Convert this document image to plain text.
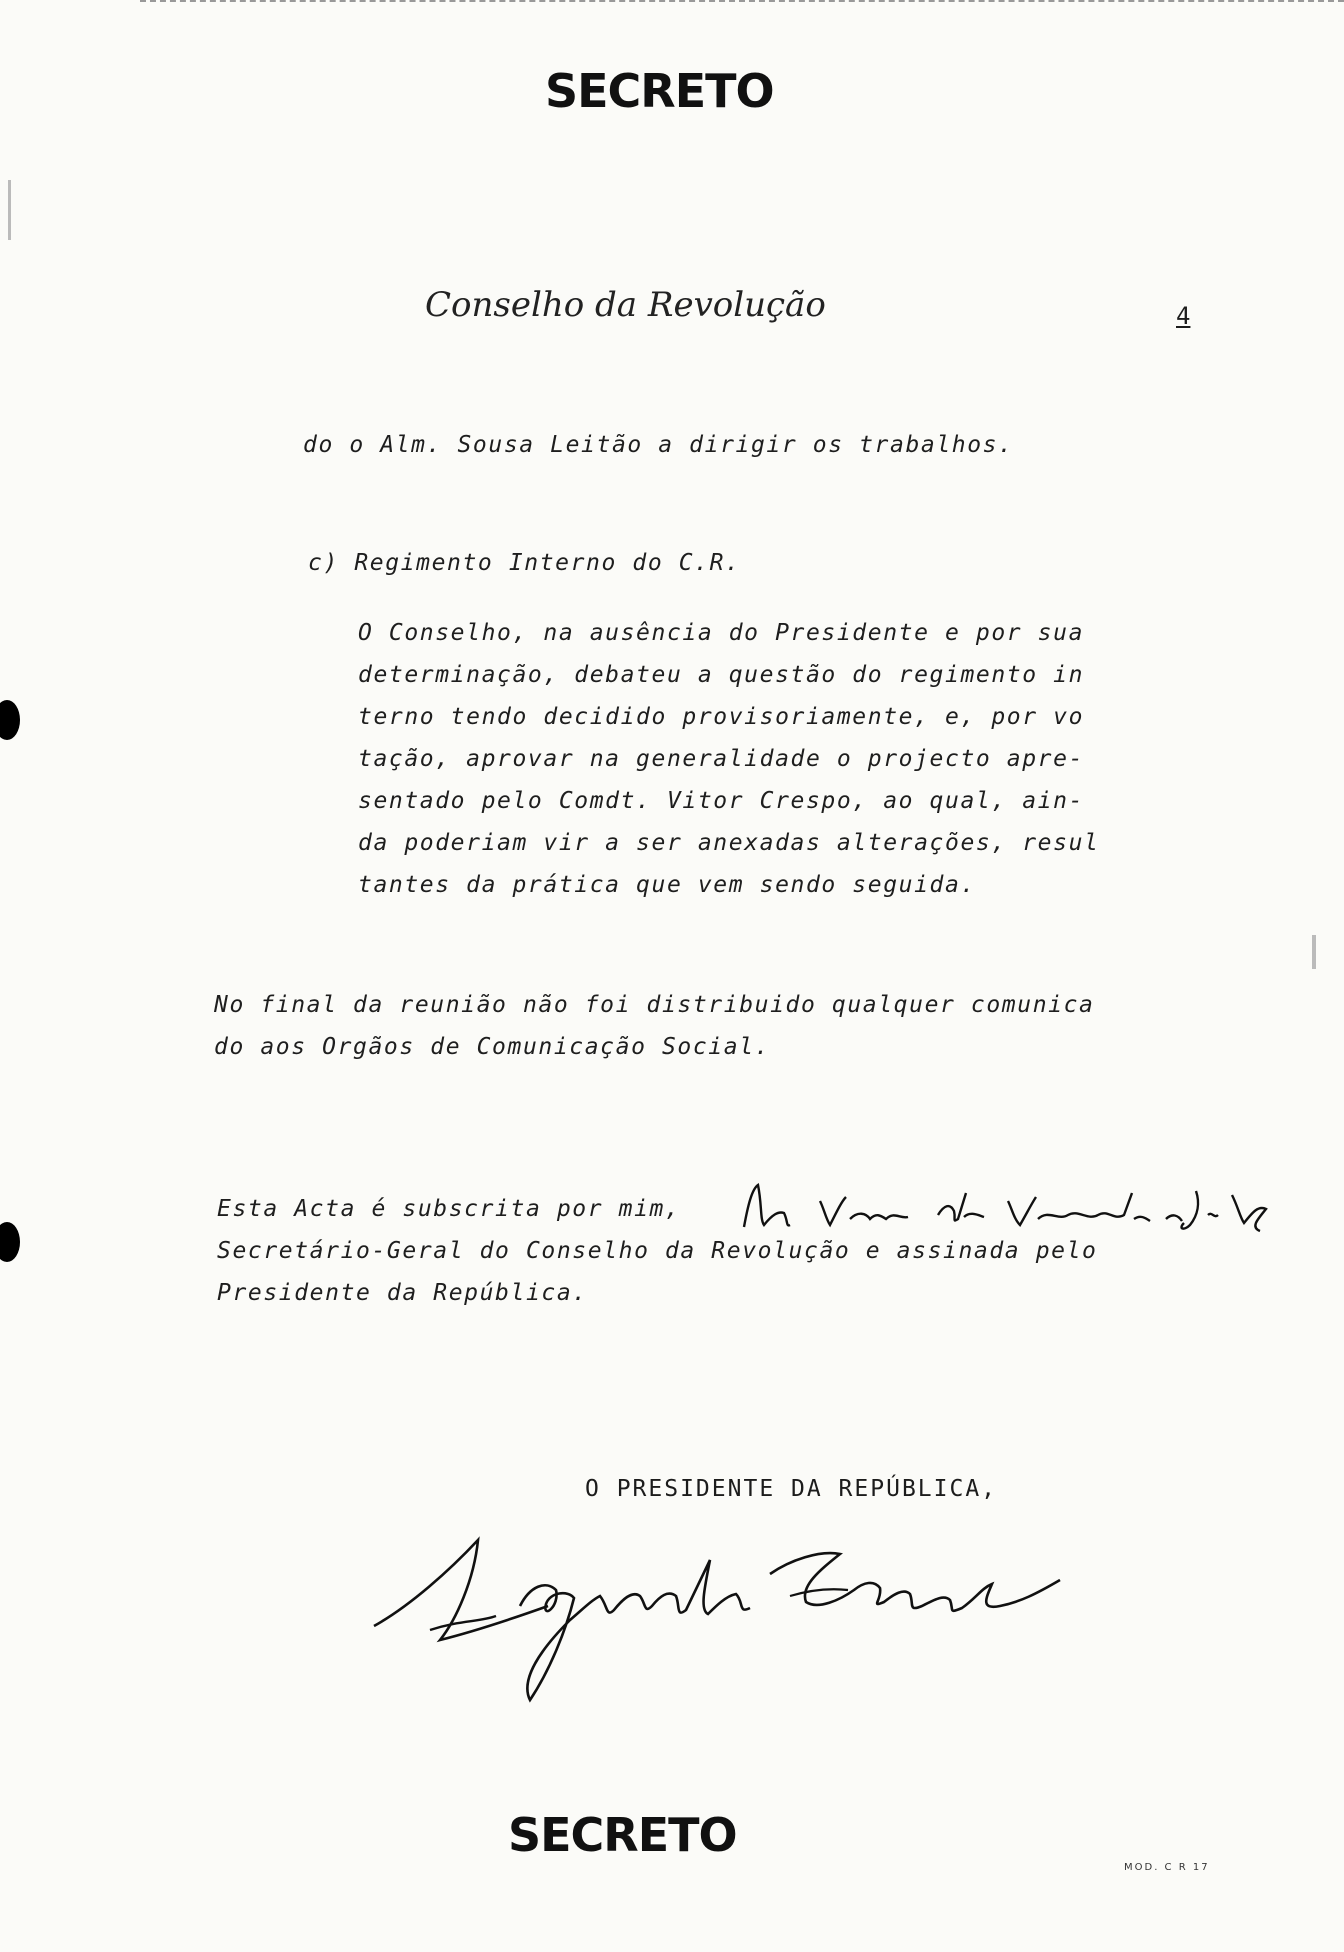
SECRETO
Conselho da Revolução	4
do o Alm. Sousa Leitão a dirigir os trabalhos.
c) Regimento Interno do C.R.
O Conselho, na ausência do Presidente e por sua
determinação, debateu a questão do regimento in
terno tendo decidido provisoriamente, e, por vo
tação, aprovar na generalidade o projecto apre-
sentado pelo Comdt. Vitor Crespo, ao qual, ain-
da poderiam vir a ser anexadas alterações, resul
tantes da prática que vem sendo seguida.
No final da reunião não foi distribuido qualquer comunica
do aos Orgãos de Comunicação Social.
Esta Acta é subscrita por mim,
Secretário-Geral do Conselho da Revolução e assinada pelo
Presidente da República.
O PRESIDENTE DA REPÚBLICA,
SECRETO
MOD. C R 17
